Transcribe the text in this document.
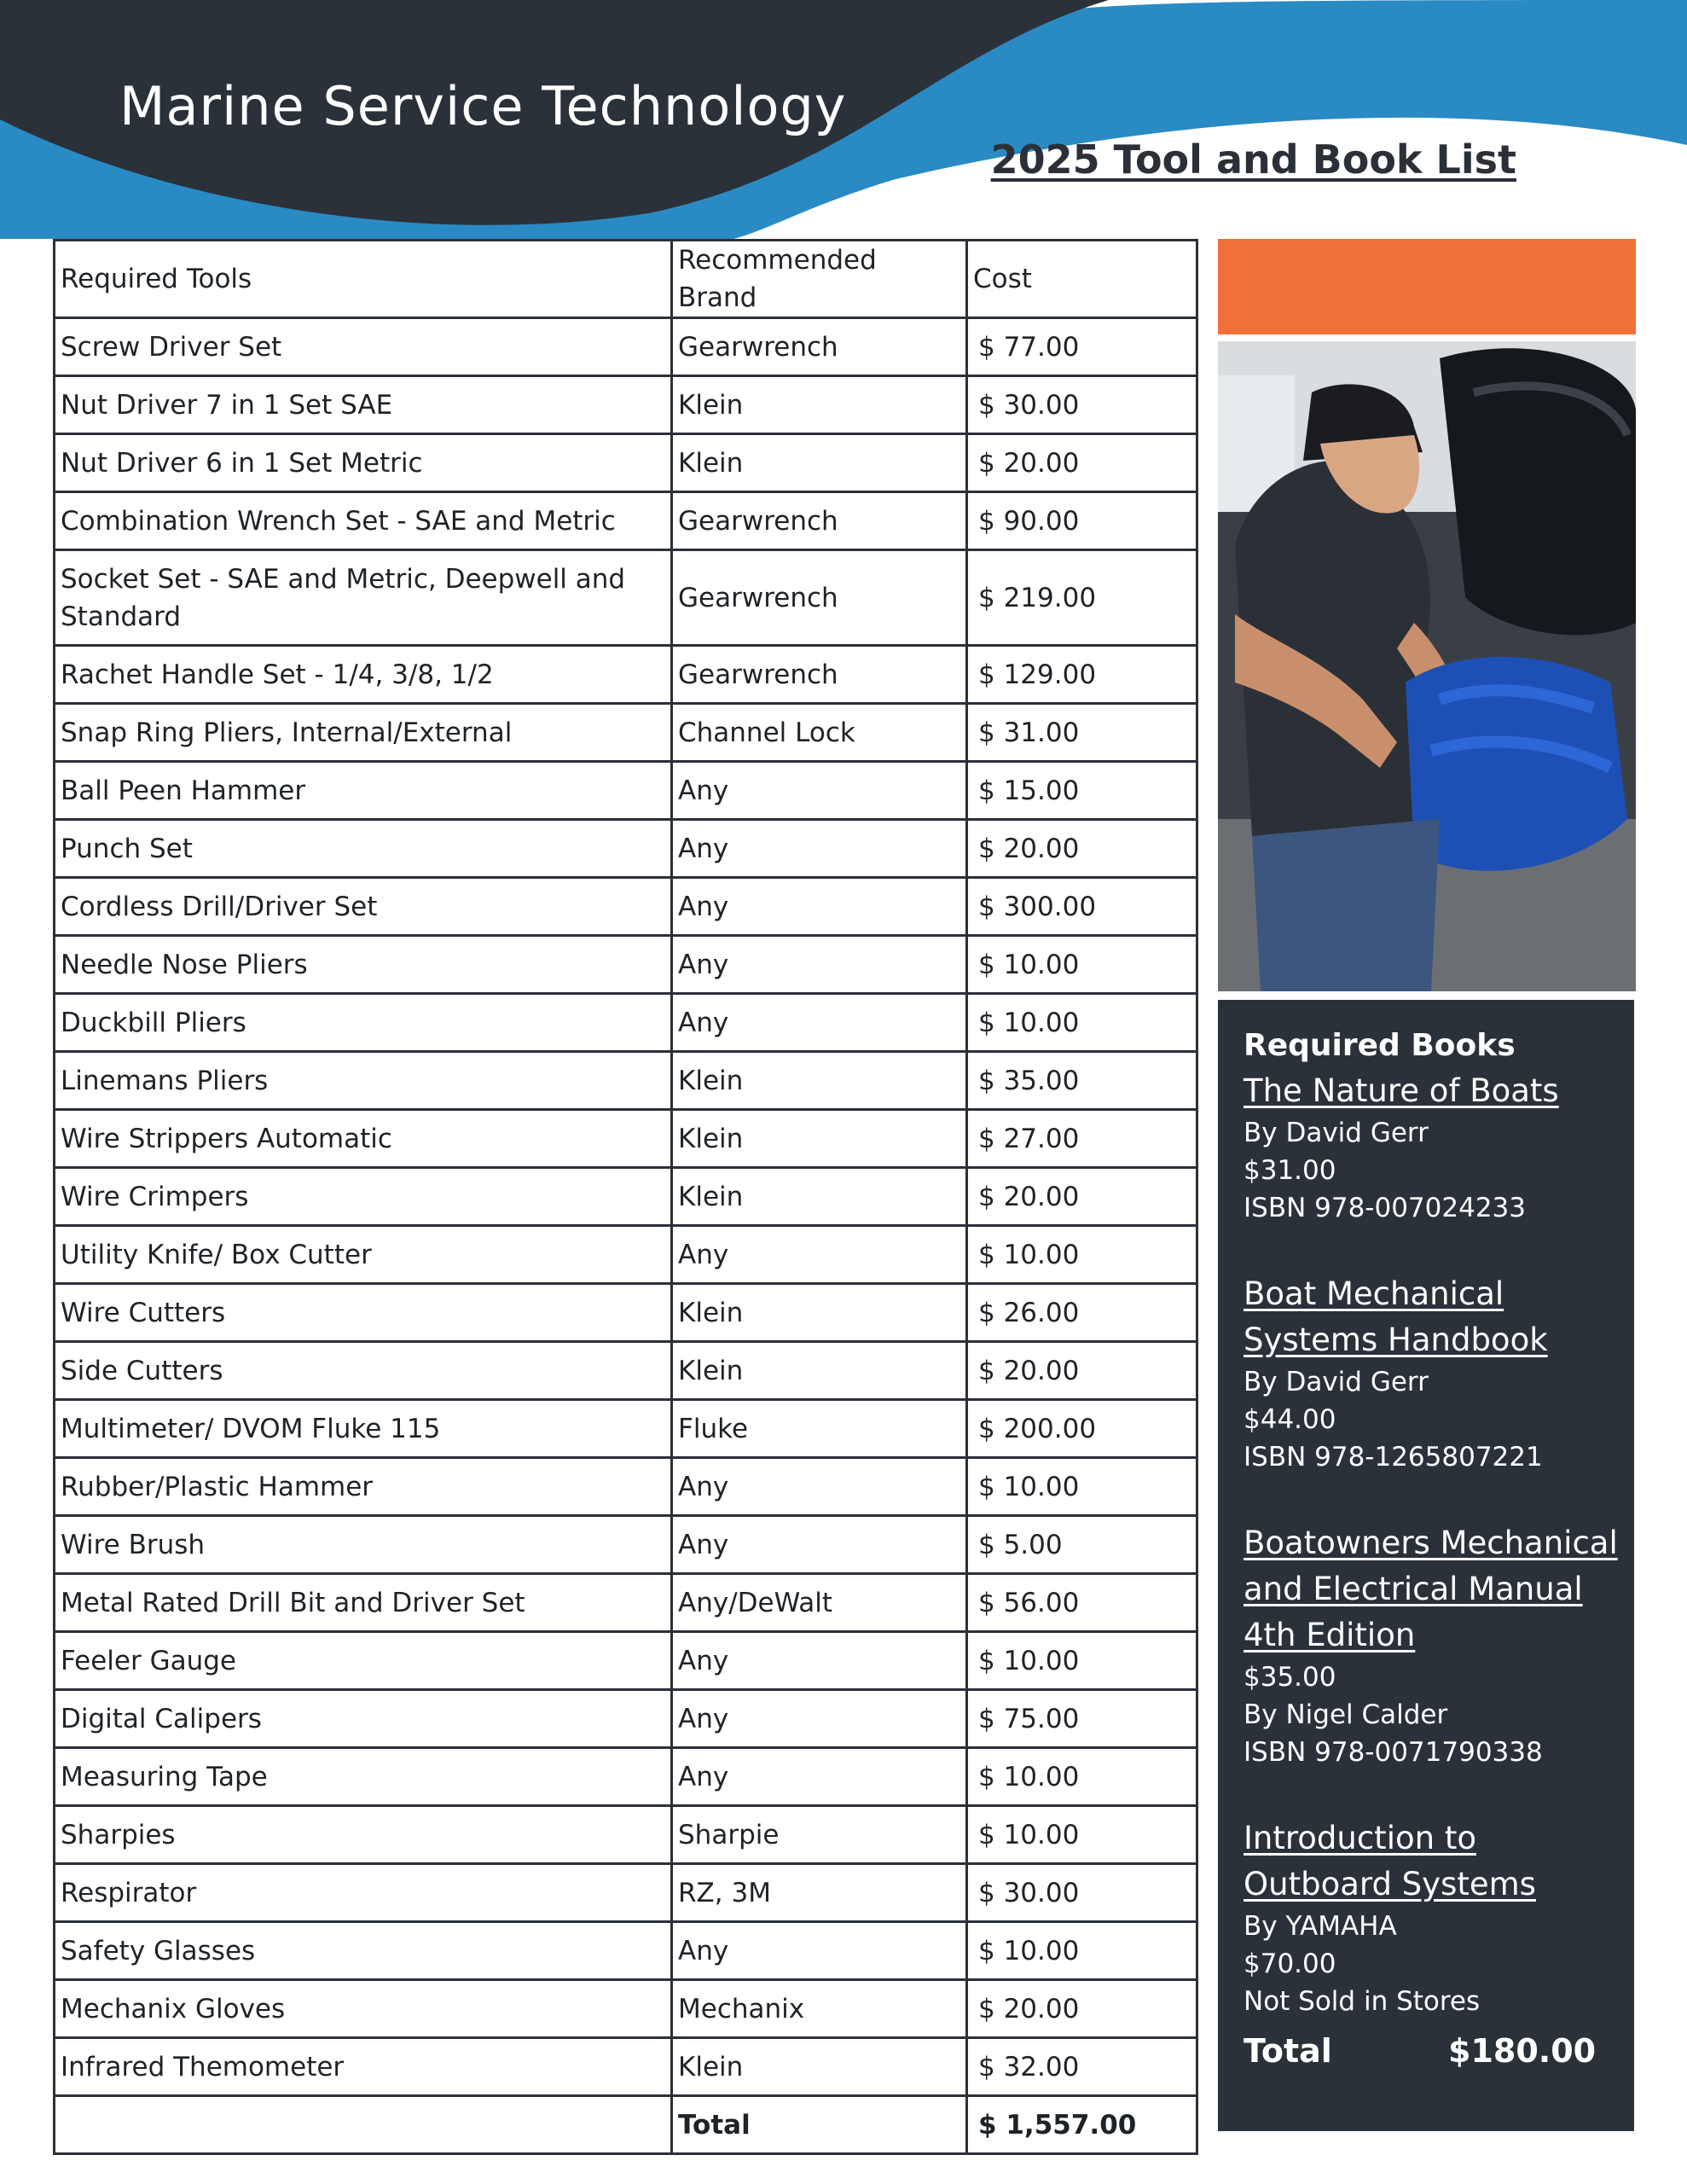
Marine Service Technology
2025 Tool and Book List
Required Tools	Recommended Brand	Cost
Screw Driver Set	Gearwrench	$ 77.00
Nut Driver 7 in 1 Set SAE	Klein	$ 30.00
Nut Driver 6 in 1 Set Metric	Klein	$ 20.00
Combination Wrench Set - SAE and Metric	Gearwrench	$ 90.00
Socket Set - SAE and Metric, Deepwell and Standard	Gearwrench	$ 219.00
Rachet Handle Set - 1/4, 3/8, 1/2	Gearwrench	$ 129.00
Snap Ring Pliers, Internal/External	Channel Lock	$ 31.00
Ball Peen Hammer	Any	$ 15.00
Punch Set	Any	$ 20.00
Cordless Drill/Driver Set	Any	$ 300.00
Needle Nose Pliers	Any	$ 10.00
Duckbill Pliers	Any	$ 10.00
Linemans Pliers	Klein	$ 35.00
Wire Strippers Automatic	Klein	$ 27.00
Wire Crimpers	Klein	$ 20.00
Utility Knife/ Box Cutter	Any	$ 10.00
Wire Cutters	Klein	$ 26.00
Side Cutters	Klein	$ 20.00
Multimeter/ DVOM Fluke 115	Fluke	$ 200.00
Rubber/Plastic Hammer	Any	$ 10.00
Wire Brush	Any	$ 5.00
Metal Rated Drill Bit and Driver Set	Any/DeWalt	$ 56.00
Feeler Gauge	Any	$ 10.00
Digital Calipers	Any	$ 75.00
Measuring Tape	Any	$ 10.00
Sharpies	Sharpie	$ 10.00
Respirator	RZ, 3M	$ 30.00
Safety Glasses	Any	$ 10.00
Mechanix Gloves	Mechanix	$ 20.00
Infrared Themometer	Klein	$ 32.00
	Total	$ 1,557.00
Required Books
The Nature of Boats
By David Gerr
$31.00
ISBN 978-007024233
Boat Mechanical Systems Handbook
By David Gerr
$44.00
ISBN 978-1265807221
Boatowners Mechanical and Electrical Manual 4th Edition
$35.00
By Nigel Calder
ISBN 978-0071790338
Introduction to Outboard Systems
By YAMAHA
$70.00
Not Sold in Stores
Total	$180.00
